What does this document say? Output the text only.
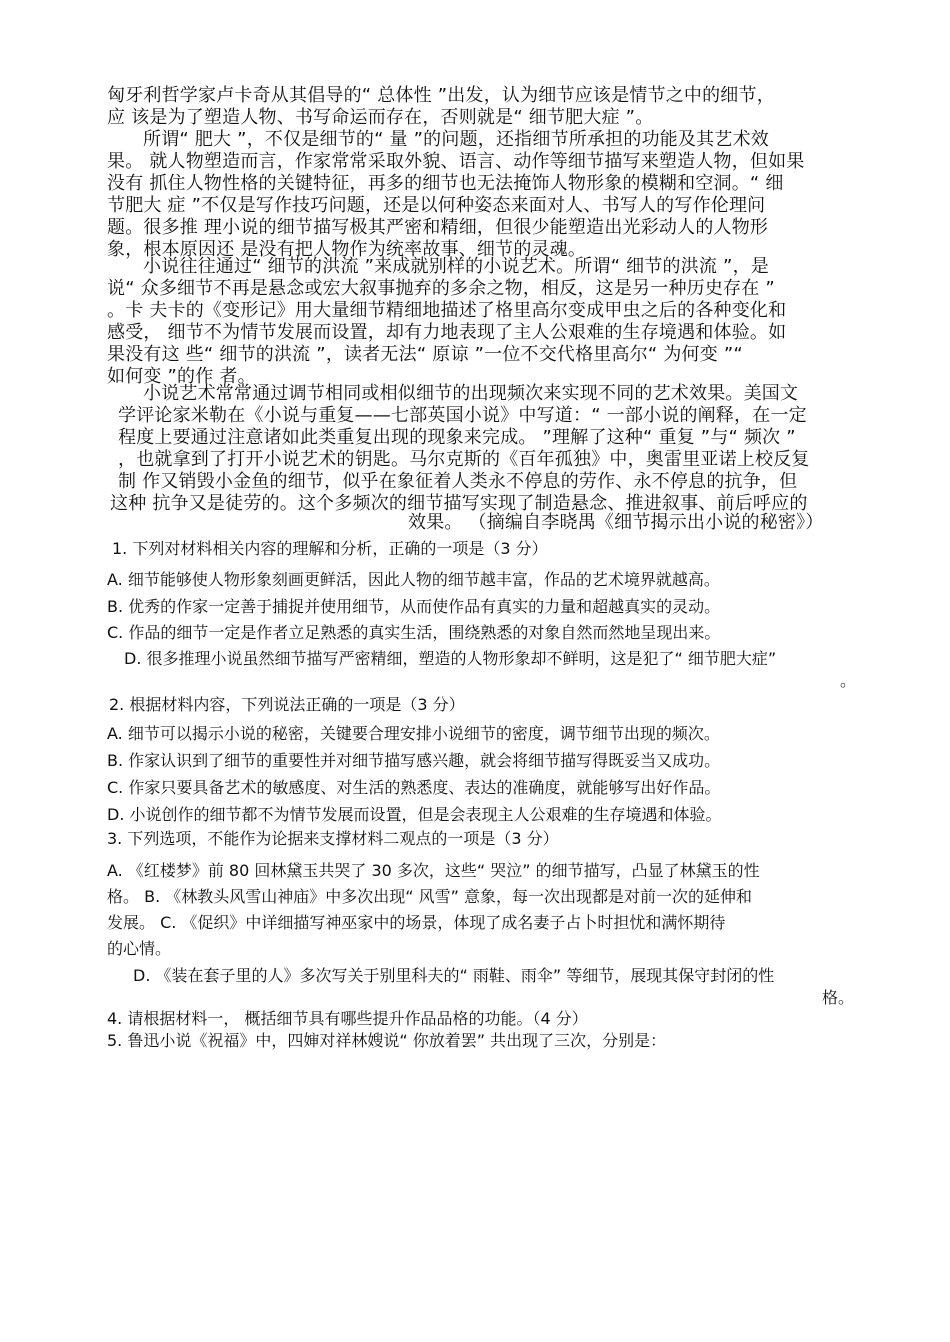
匈牙利哲学家卢卡奇从其倡导的“ 总体性 ”出发，认为细节应该是情节之中的细节，
应 该是为了塑造人物、书写命运而存在，否则就是“ 细节肥大症 ”。
所谓“ 肥大 ”，不仅是细节的“ 量 ”的问题，还指细节所承担的功能及其艺术效
果。 就人物塑造而言，作家常常采取外貌、语言、动作等细节描写来塑造人物，但如果
没有 抓住人物性格的关键特征，再多的细节也无法掩饰人物形象的模糊和空洞。“ 细
节肥大 症 ”不仅是写作技巧问题，还是以何种姿态来面对人、书写人的写作伦理问
题。很多推 理小说的细节描写极其严密和精细，但很少能塑造出光彩动人的人物形
象，根本原因还 是没有把人物作为统率故事、细节的灵魂。
小说往往通过“ 细节的洪流 ”来成就别样的小说艺术。所谓“ 细节的洪流 ”，是
说“ 众多细节不再是悬念或宏大叙事抛弃的多余之物，相反，这是另一种历史存在 ”
。卡 夫卡的《变形记》用大量细节精细地描述了格里高尔变成甲虫之后的各种变化和
感受， 细节不为情节发展而设置，却有力地表现了主人公艰难的生存境遇和体验。如
果没有这 些“ 细节的洪流 ”，读者无法“ 原谅 ”一位不交代格里高尔“ 为何变 ”“
如何变 ”的作 者。
小说艺术常常通过调节相同或相似细节的出现频次来实现不同的艺术效果。美国文
学评论家米勒在《小说与重复——七部英国小说》中写道：“ 一部小说的阐释，在一定
程度上要通过注意诸如此类重复出现的现象来完成。 ”理解了这种“ 重复 ”与“ 频次 ”
，也就拿到了打开小说艺术的钥匙。马尔克斯的《百年孤独》中，奥雷里亚诺上校反复
制 作又销毁小金鱼的细节，似乎在象征着人类永不停息的劳作、永不停息的抗争，但
这种 抗争又是徒劳的。这个多频次的细节描写实现了制造悬念、推进叙事、前后呼应的
效果。 （摘编自李晓禺《细节揭示出小说的秘密》）
1. 下列对材料相关内容的理解和分析，正确的一项是（3 分）
A. 细节能够使人物形象刻画更鲜活，因此人物的细节越丰富，作品的艺术境界就越高。
B. 优秀的作家一定善于捕捉并使用细节，从而使作品有真实的力量和超越真实的灵动。
C. 作品的细节一定是作者立足熟悉的真实生活，围绕熟悉的对象自然而然地呈现出来。
D. 很多推理小说虽然细节描写严密精细，塑造的人物形象却不鲜明，这是犯了“ 细节肥大症”
。
2. 根据材料内容，下列说法正确的一项是（3 分）
A. 细节可以揭示小说的秘密，关键要合理安排小说细节的密度，调节细节出现的频次。
B. 作家认识到了细节的重要性并对细节描写感兴趣，就会将细节描写得既妥当又成功。
C. 作家只要具备艺术的敏感度、对生活的熟悉度、表达的准确度，就能够写出好作品。
D. 小说创作的细节都不为情节发展而设置，但是会表现主人公艰难的生存境遇和体验。
3. 下列选项，不能作为论据来支撑材料二观点的一项是（3 分）
A. 《红楼梦》前 80 回林黛玉共哭了 30 多次，这些“ 哭泣” 的细节描写，凸显了林黛玉的性
格。 B. 《林教头风雪山神庙》中多次出现“ 风雪” 意象，每一次出现都是对前一次的延伸和
发展。 C. 《促织》中详细描写神巫家中的场景，体现了成名妻子占卜时担忧和满怀期待
的心情。
D. 《装在套子里的人》多次写关于别里科夫的“ 雨鞋、雨伞” 等细节，展现其保守封闭的性
格。
4. 请根据材料一， 概括细节具有哪些提升作品品格的功能。（4 分）
5. 鲁迅小说《祝福》中，四婶对祥林嫂说“ 你放着罢” 共出现了三次，分别是：
